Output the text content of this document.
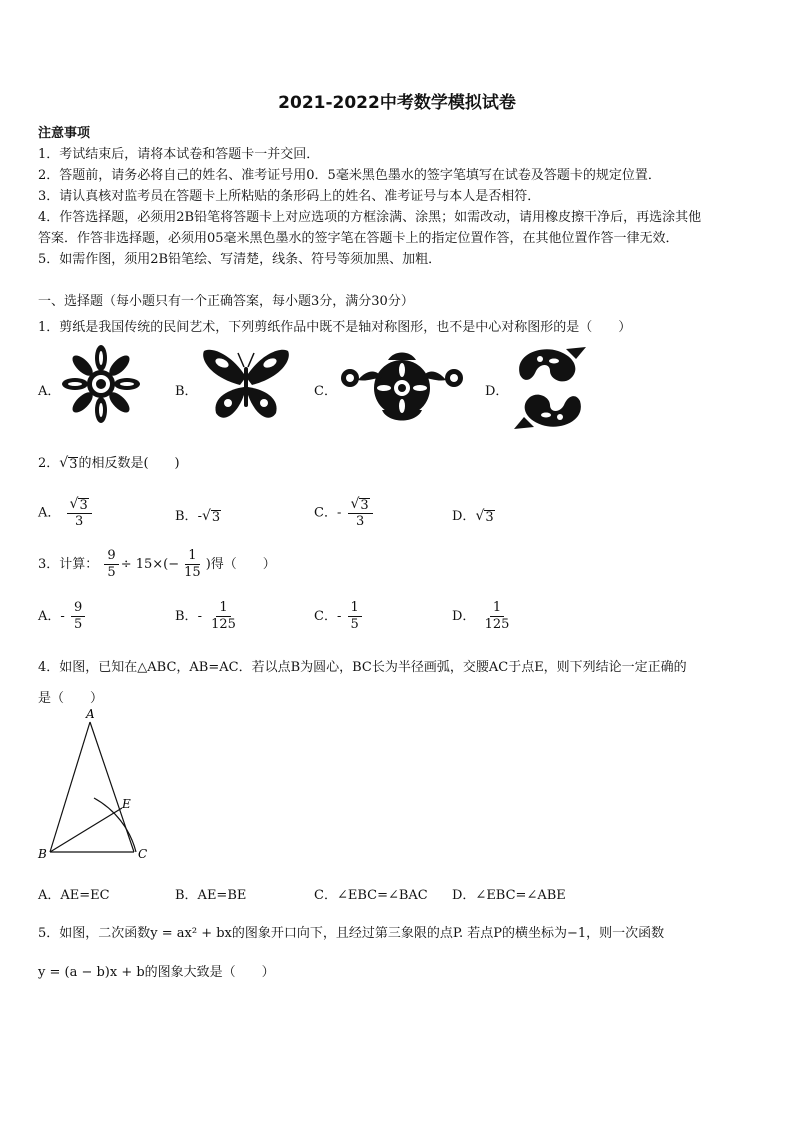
2021-2022中考数学模拟试卷
注意事项
1．考试结束后，请将本试卷和答题卡一并交回．
2．答题前，请务必将自己的姓名、准考证号用0．5毫米黑色墨水的签字笔填写在试卷及答题卡的规定位置．
3．请认真核对监考员在答题卡上所粘贴的条形码上的姓名、准考证号与本人是否相符．
4．作答选择题，必须用2B铅笔将答题卡上对应选项的方框涂满、涂黑；如需改动，请用橡皮擦干净后，再选涂其他
答案．作答非选择题，必须用05毫米黑色墨水的签字笔在答题卡上的指定位置作答，在其他位置作答一律无效．
5．如需作图，须用2B铅笔绘、写清楚，线条、符号等须加黑、加粗．
一、选择题（每小题只有一个正确答案，每小题3分，满分30分）
1．剪纸是我国传统的民间艺术，下列剪纸作品中既不是轴对称图形，也不是中心对称图形的是（　　）
A．	B．	C．	D．
2． √ 3 的相反数是(　　)
A． $\frac{√ 3}{3}$	B．- √ 3	C．- $\frac{√ 3}{3}$	D． √ 3
3．计算： $\frac{9}{5} \div 15\times(- \frac{1}{15}$ )得（　　）
A．- $\frac{9}{5}$	B．- $\frac{1}{125}$	C．- $\frac{1}{5}$	D． $\frac{1}{125}$
4．如图，已知在△ABC，AB=AC．若以点B为圆心，BC长为半径画弧，交腰AC于点E，则下列结论一定正确的
是（　　）
A
B	C
E
A．AE=EC	B．AE=BE	C．∠EBC=∠BAC D．∠EBC=∠ABE
5．如图，二次函数y = ax² + bx的图象开口向下，且经过第三象限的点P. 若点P的横坐标为−1，则一次函数
y = (a − b)x + b的图象大致是（　　）
